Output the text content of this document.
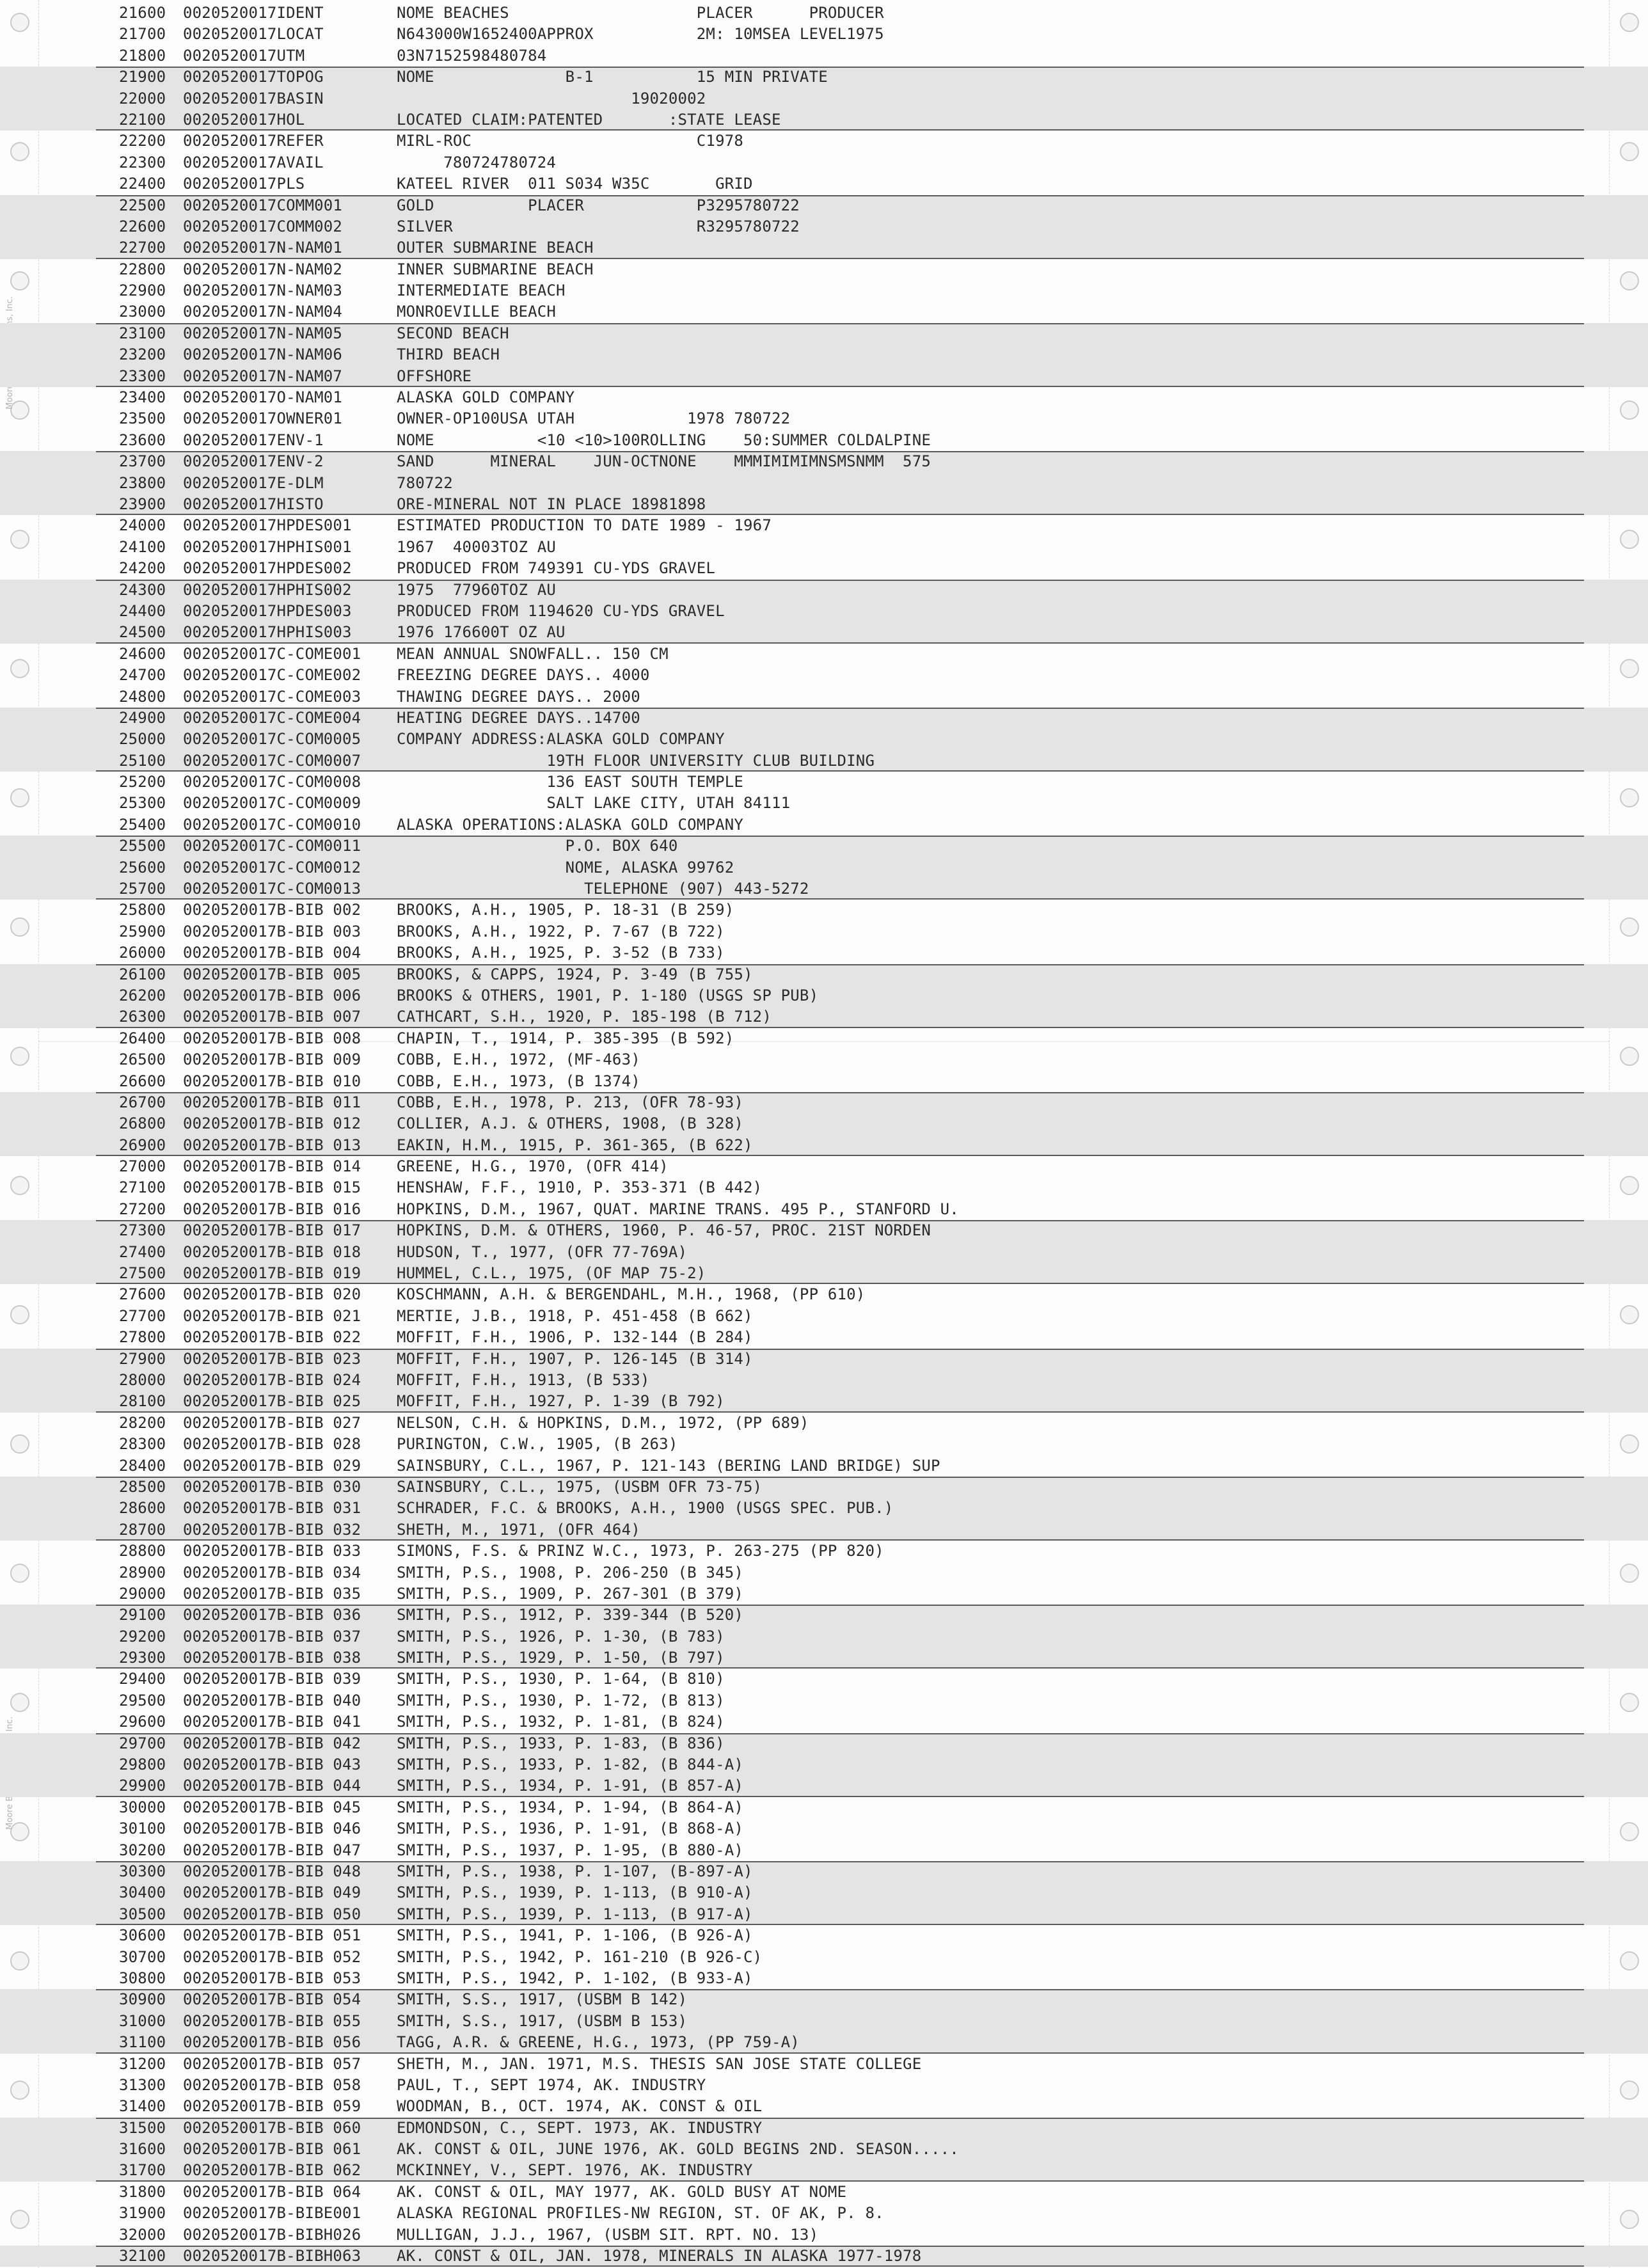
21600 0020520017IDENT	NOME BEACHES                    PLACER      PRODUCER
21700 0020520017LOCAT	N643000W1652400APPROX           2M: 10MSEA LEVEL1975
21800 0020520017UTM	03N7152598480784
21900 0020520017TOPOG	NOME              B-1           15 MIN PRIVATE
22000 0020520017BASIN	19020002
22100 0020520017HOL	LOCATED CLAIM:PATENTED       :STATE LEASE
22200 0020520017REFER	MIRL-ROC                        C1978
22300 0020520017AVAIL	780724780724
22400 0020520017PLS	KATEEL RIVER  011 S034 W35C       GRID
22500 0020520017COMM001	GOLD          PLACER            P3295780722
22600 0020520017COMM002	SILVER                          R3295780722
22700 0020520017N-NAM01	OUTER SUBMARINE BEACH
22800 0020520017N-NAM02	INNER SUBMARINE BEACH
22900 0020520017N-NAM03	INTERMEDIATE BEACH
23000 0020520017N-NAM04	MONROEVILLE BEACH
23100 0020520017N-NAM05	SECOND BEACH
23200 0020520017N-NAM06	THIRD BEACH
23300 0020520017N-NAM07	OFFSHORE
23400 0020520017O-NAM01	ALASKA GOLD COMPANY
23500 0020520017OWNER01	OWNER-OP100USA UTAH            1978 780722
23600 0020520017ENV-1	NOME           <10 <10>100ROLLING    50:SUMMER COLDALPINE
23700 0020520017ENV-2	SAND      MINERAL    JUN-OCTNONE    MMMIMIMIMNSMSNMM  575
23800 0020520017E-DLM	780722
23900 0020520017HISTO	ORE-MINERAL NOT IN PLACE 18981898
24000 0020520017HPDES001	ESTIMATED PRODUCTION TO DATE 1989 - 1967
24100 0020520017HPHIS001	1967  40003TOZ AU
24200 0020520017HPDES002	PRODUCED FROM 749391 CU-YDS GRAVEL
24300 0020520017HPHIS002	1975  77960TOZ AU
24400 0020520017HPDES003	PRODUCED FROM 1194620 CU-YDS GRAVEL
24500 0020520017HPHIS003	1976 176600T OZ AU
24600 0020520017C-COME001 MEAN ANNUAL SNOWFALL.. 150 CM
24700 0020520017C-COME002 FREEZING DEGREE DAYS.. 4000
24800 0020520017C-COME003 THAWING DEGREE DAYS.. 2000
24900 0020520017C-COME004 HEATING DEGREE DAYS..14700
25000 0020520017C-COM0005 COMPANY ADDRESS:ALASKA GOLD COMPANY
25100 0020520017C-COM0007 19TH FLOOR UNIVERSITY CLUB BUILDING
25200 0020520017C-COM0008 136 EAST SOUTH TEMPLE
25300 0020520017C-COM0009 SALT LAKE CITY, UTAH 84111
25400 0020520017C-COM0010 ALASKA OPERATIONS:ALASKA GOLD COMPANY
25500 0020520017C-COM0011 P.O. BOX 640
25600 0020520017C-COM0012 NOME, ALASKA 99762
25700 0020520017C-COM0013 TELEPHONE (907) 443-5272
25800 0020520017B-BIB 002 BROOKS, A.H., 1905, P. 18-31 (B 259)
25900 0020520017B-BIB 003 BROOKS, A.H., 1922, P. 7-67 (B 722)
26000 0020520017B-BIB 004 BROOKS, A.H., 1925, P. 3-52 (B 733)
26100 0020520017B-BIB 005 BROOKS, & CAPPS, 1924, P. 3-49 (B 755)
26200 0020520017B-BIB 006 BROOKS & OTHERS, 1901, P. 1-180 (USGS SP PUB)
26300 0020520017B-BIB 007 CATHCART, S.H., 1920, P. 185-198 (B 712)
26400 0020520017B-BIB 008 CHAPIN, T., 1914, P. 385-395 (B 592)
26500 0020520017B-BIB 009 COBB, E.H., 1972, (MF-463)
26600 0020520017B-BIB 010 COBB, E.H., 1973, (B 1374)
26700 0020520017B-BIB 011 COBB, E.H., 1978, P. 213, (OFR 78-93)
26800 0020520017B-BIB 012 COLLIER, A.J. & OTHERS, 1908, (B 328)
26900 0020520017B-BIB 013 EAKIN, H.M., 1915, P. 361-365, (B 622)
27000 0020520017B-BIB 014 GREENE, H.G., 1970, (OFR 414)
27100 0020520017B-BIB 015 HENSHAW, F.F., 1910, P. 353-371 (B 442)
27200 0020520017B-BIB 016 HOPKINS, D.M., 1967, QUAT. MARINE TRANS. 495 P., STANFORD U.
27300 0020520017B-BIB 017 HOPKINS, D.M. & OTHERS, 1960, P. 46-57, PROC. 21ST NORDEN
27400 0020520017B-BIB 018 HUDSON, T., 1977, (OFR 77-769A)
27500 0020520017B-BIB 019 HUMMEL, C.L., 1975, (OF MAP 75-2)
27600 0020520017B-BIB 020 KOSCHMANN, A.H. & BERGENDAHL, M.H., 1968, (PP 610)
27700 0020520017B-BIB 021 MERTIE, J.B., 1918, P. 451-458 (B 662)
27800 0020520017B-BIB 022 MOFFIT, F.H., 1906, P. 132-144 (B 284)
27900 0020520017B-BIB 023 MOFFIT, F.H., 1907, P. 126-145 (B 314)
28000 0020520017B-BIB 024 MOFFIT, F.H., 1913, (B 533)
28100 0020520017B-BIB 025 MOFFIT, F.H., 1927, P. 1-39 (B 792)
28200 0020520017B-BIB 027 NELSON, C.H. & HOPKINS, D.M., 1972, (PP 689)
28300 0020520017B-BIB 028 PURINGTON, C.W., 1905, (B 263)
28400 0020520017B-BIB 029 SAINSBURY, C.L., 1967, P. 121-143 (BERING LAND BRIDGE) SUP
28500 0020520017B-BIB 030 SAINSBURY, C.L., 1975, (USBM OFR 73-75)
28600 0020520017B-BIB 031 SCHRADER, F.C. & BROOKS, A.H., 1900 (USGS SPEC. PUB.)
28700 0020520017B-BIB 032 SHETH, M., 1971, (OFR 464)
28800 0020520017B-BIB 033 SIMONS, F.S. & PRINZ W.C., 1973, P. 263-275 (PP 820)
28900 0020520017B-BIB 034 SMITH, P.S., 1908, P. 206-250 (B 345)
29000 0020520017B-BIB 035 SMITH, P.S., 1909, P. 267-301 (B 379)
29100 0020520017B-BIB 036 SMITH, P.S., 1912, P. 339-344 (B 520)
29200 0020520017B-BIB 037 SMITH, P.S., 1926, P. 1-30, (B 783)
29300 0020520017B-BIB 038 SMITH, P.S., 1929, P. 1-50, (B 797)
29400 0020520017B-BIB 039 SMITH, P.S., 1930, P. 1-64, (B 810)
29500 0020520017B-BIB 040 SMITH, P.S., 1930, P. 1-72, (B 813)
29600 0020520017B-BIB 041 SMITH, P.S., 1932, P. 1-81, (B 824)
29700 0020520017B-BIB 042 SMITH, P.S., 1933, P. 1-83, (B 836)
29800 0020520017B-BIB 043 SMITH, P.S., 1933, P. 1-82, (B 844-A)
29900 0020520017B-BIB 044 SMITH, P.S., 1934, P. 1-91, (B 857-A)
30000 0020520017B-BIB 045 SMITH, P.S., 1934, P. 1-94, (B 864-A)
30100 0020520017B-BIB 046 SMITH, P.S., 1936, P. 1-91, (B 868-A)
30200 0020520017B-BIB 047 SMITH, P.S., 1937, P. 1-95, (B 880-A)
30300 0020520017B-BIB 048 SMITH, P.S., 1938, P. 1-107, (B-897-A)
30400 0020520017B-BIB 049 SMITH, P.S., 1939, P. 1-113, (B 910-A)
30500 0020520017B-BIB 050 SMITH, P.S., 1939, P. 1-113, (B 917-A)
30600 0020520017B-BIB 051 SMITH, P.S., 1941, P. 1-106, (B 926-A)
30700 0020520017B-BIB 052 SMITH, P.S., 1942, P. 161-210 (B 926-C)
30800 0020520017B-BIB 053 SMITH, P.S., 1942, P. 1-102, (B 933-A)
30900 0020520017B-BIB 054 SMITH, S.S., 1917, (USBM B 142)
31000 0020520017B-BIB 055 SMITH, S.S., 1917, (USBM B 153)
31100 0020520017B-BIB 056 TAGG, A.R. & GREENE, H.G., 1973, (PP 759-A)
31200 0020520017B-BIB 057 SHETH, M., JAN. 1971, M.S. THESIS SAN JOSE STATE COLLEGE
31300 0020520017B-BIB 058 PAUL, T., SEPT 1974, AK. INDUSTRY
31400 0020520017B-BIB 059 WOODMAN, B., OCT. 1974, AK. CONST & OIL
31500 0020520017B-BIB 060 EDMONDSON, C., SEPT. 1973, AK. INDUSTRY
31600 0020520017B-BIB 061 AK. CONST & OIL, JUNE 1976, AK. GOLD BEGINS 2ND. SEASON.....
31700 0020520017B-BIB 062 MCKINNEY, V., SEPT. 1976, AK. INDUSTRY
31800 0020520017B-BIB 064 AK. CONST & OIL, MAY 1977, AK. GOLD BUSY AT NOME
31900 0020520017B-BIBE001 ALASKA REGIONAL PROFILES-NW REGION, ST. OF AK, P. 8.
32000 0020520017B-BIBH026 MULLIGAN, J.J., 1967, (USBM SIT. RPT. NO. 13)
32100 0020520017B-BIBH063 AK. CONST & OIL, JAN. 1978, MINERALS IN ALASKA 1977-1978
